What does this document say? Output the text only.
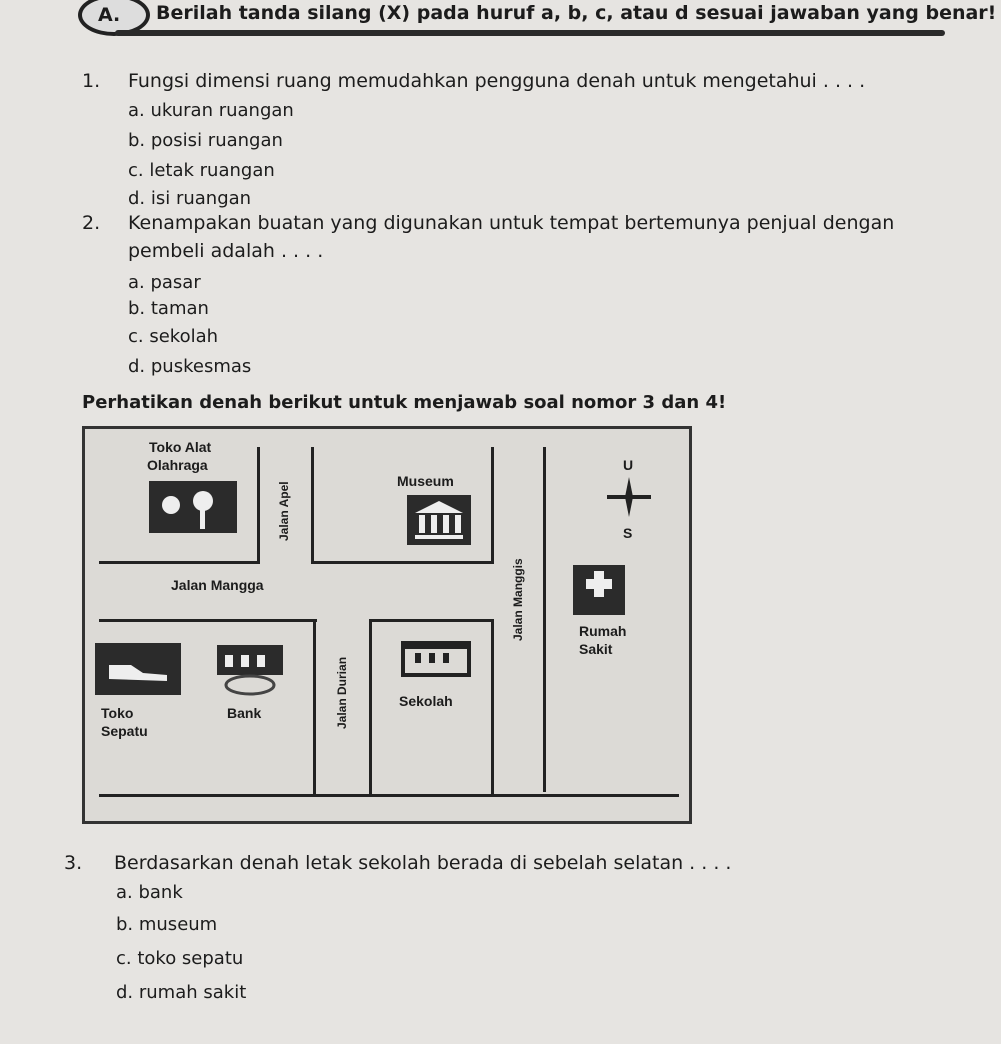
A. Berilah tanda silang (X) pada huruf a, b, c, atau d sesuai jawaban yang benar!
1. Fungsi dimensi ruang memudahkan pengguna denah untuk mengetahui . . . .
a. ukuran ruangan
b. posisi ruangan
c. letak ruangan
d. isi ruangan
2. Kenampakan buatan yang digunakan untuk tempat bertemunya penjual dengan
pembeli adalah . . . .
a. pasar
b. taman
c. sekolah
d. puskesmas
Perhatikan denah berikut untuk menjawab soal nomor 3 dan 4!
Toko Alat
Olahraga
Jalan Apel
Museum
U
S
Jalan Mangga	Jalan Manggis	Rumah
Sakit
Toko
Sepatu
Bank	Jalan Durian	Sekolah
3. Berdasarkan denah letak sekolah berada di sebelah selatan . . . .
a. bank
b. museum
c. toko sepatu
d. rumah sakit
